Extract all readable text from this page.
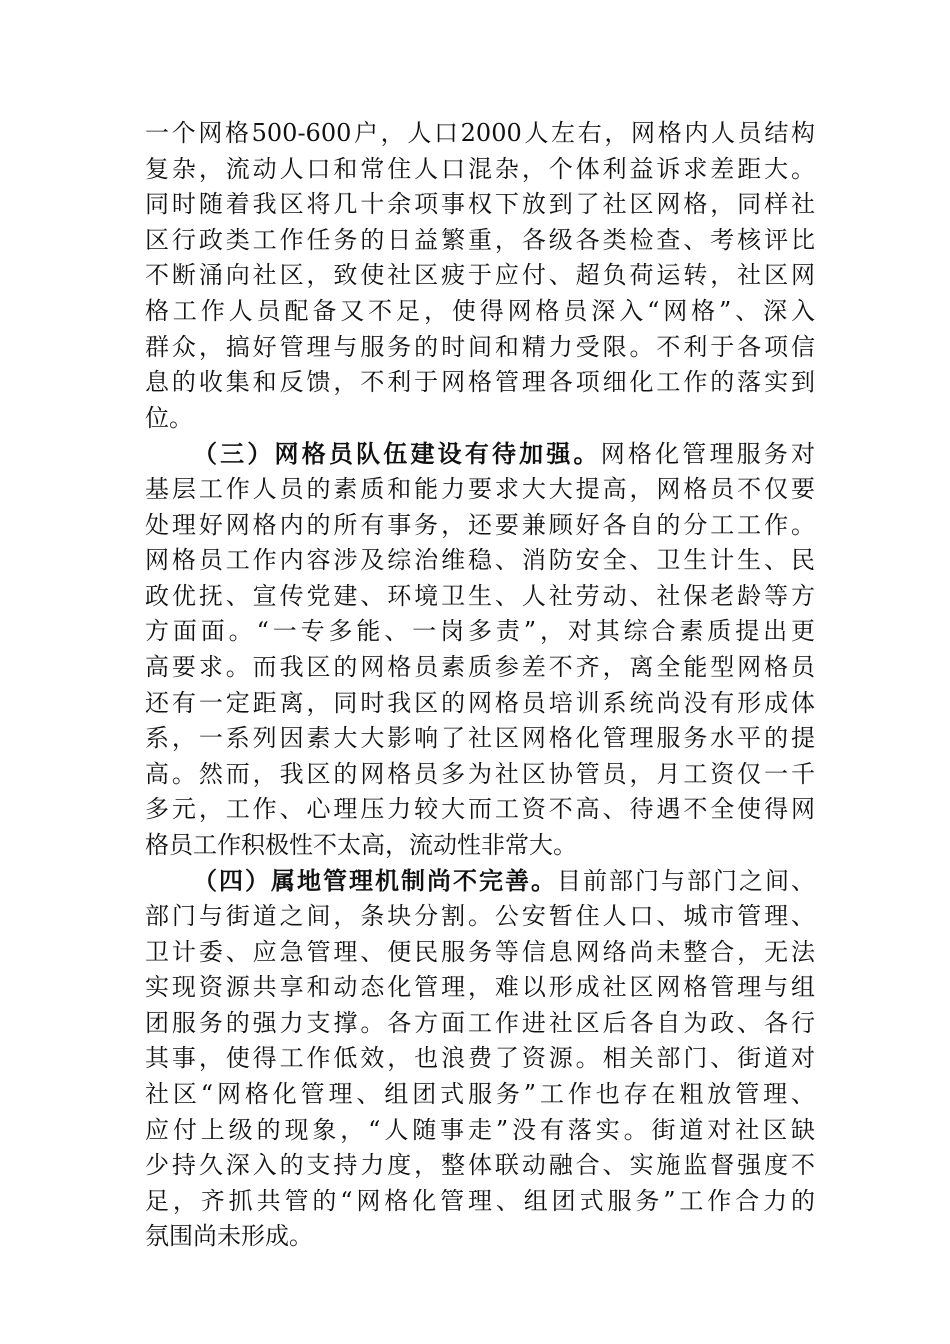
一个网格500-600户，人口2000人左右，网格内人员结构
复杂，流动人口和常住人口混杂，个体利益诉求差距大。
同时随着我区将几十余项事权下放到了社区网格，同样社
区行政类工作任务的日益繁重，各级各类检查、考核评比
不断涌向社区，致使社区疲于应付、超负荷运转，社区网
格工作人员配备又不足，使得网格员深入“网格”、深入
群众，搞好管理与服务的时间和精力受限。不利于各项信
息的收集和反馈，不利于网格管理各项细化工作的落实到
位。
（三）网格员队伍建设有待加强。网格化管理服务对
基层工作人员的素质和能力要求大大提高，网格员不仅要
处理好网格内的所有事务，还要兼顾好各自的分工工作。
网格员工作内容涉及综治维稳、消防安全、卫生计生、民
政优抚、宣传党建、环境卫生、人社劳动、社保老龄等方
方面面。“一专多能、一岗多责”，对其综合素质提出更
高要求。而我区的网格员素质参差不齐，离全能型网格员
还有一定距离，同时我区的网格员培训系统尚没有形成体
系，一系列因素大大影响了社区网格化管理服务水平的提
高。然而，我区的网格员多为社区协管员，月工资仅一千
多元，工作、心理压力较大而工资不高、待遇不全使得网
格员工作积极性不太高，流动性非常大。
（四）属地管理机制尚不完善。目前部门与部门之间、
部门与街道之间，条块分割。公安暂住人口、城市管理、
卫计委、应急管理、便民服务等信息网络尚未整合，无法
实现资源共享和动态化管理，难以形成社区网格管理与组
团服务的强力支撑。各方面工作进社区后各自为政、各行
其事，使得工作低效，也浪费了资源。相关部门、街道对
社区“网格化管理、组团式服务”工作也存在粗放管理、
应付上级的现象，“人随事走”没有落实。街道对社区缺
少持久深入的支持力度，整体联动融合、实施监督强度不
足，齐抓共管的“网格化管理、组团式服务”工作合力的
氛围尚未形成。
